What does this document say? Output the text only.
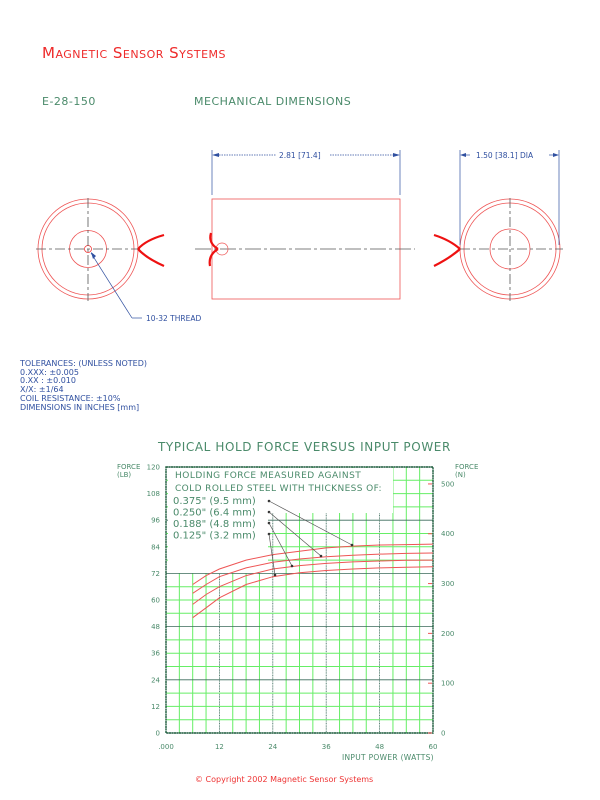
Magnetic Sensor Systems
E-28-150	MECHANICAL DIMENSIONS
10-32 THREAD
2.81 [71.4]	1.50 [38.1] DIA
TOLERANCES: (UNLESS NOTED)
0.XXX: ±0.005
0.XX : ±0.010
X/X: ±1/64
COIL RESISTANCE: ±10%
DIMENSIONS IN INCHES [mm]
TYPICAL HOLD FORCE VERSUS INPUT POWER
FORCE
(LB)
FORCE
(N)
HOLDING FORCE MEASURED AGAINST
COLD ROLLED STEEL WITH THICKNESS OF:
0.375" (9.5 mm)
0.250" (6.4 mm)
0.188" (4.8 mm)
0.125" (3.2 mm)
0
12
24
36
48
60
72
84
96
108
120
0
100
200
300
400
500
.000	12	24	36	48	60
INPUT POWER (WATTS)
© Copyright 2002 Magnetic Sensor Systems
